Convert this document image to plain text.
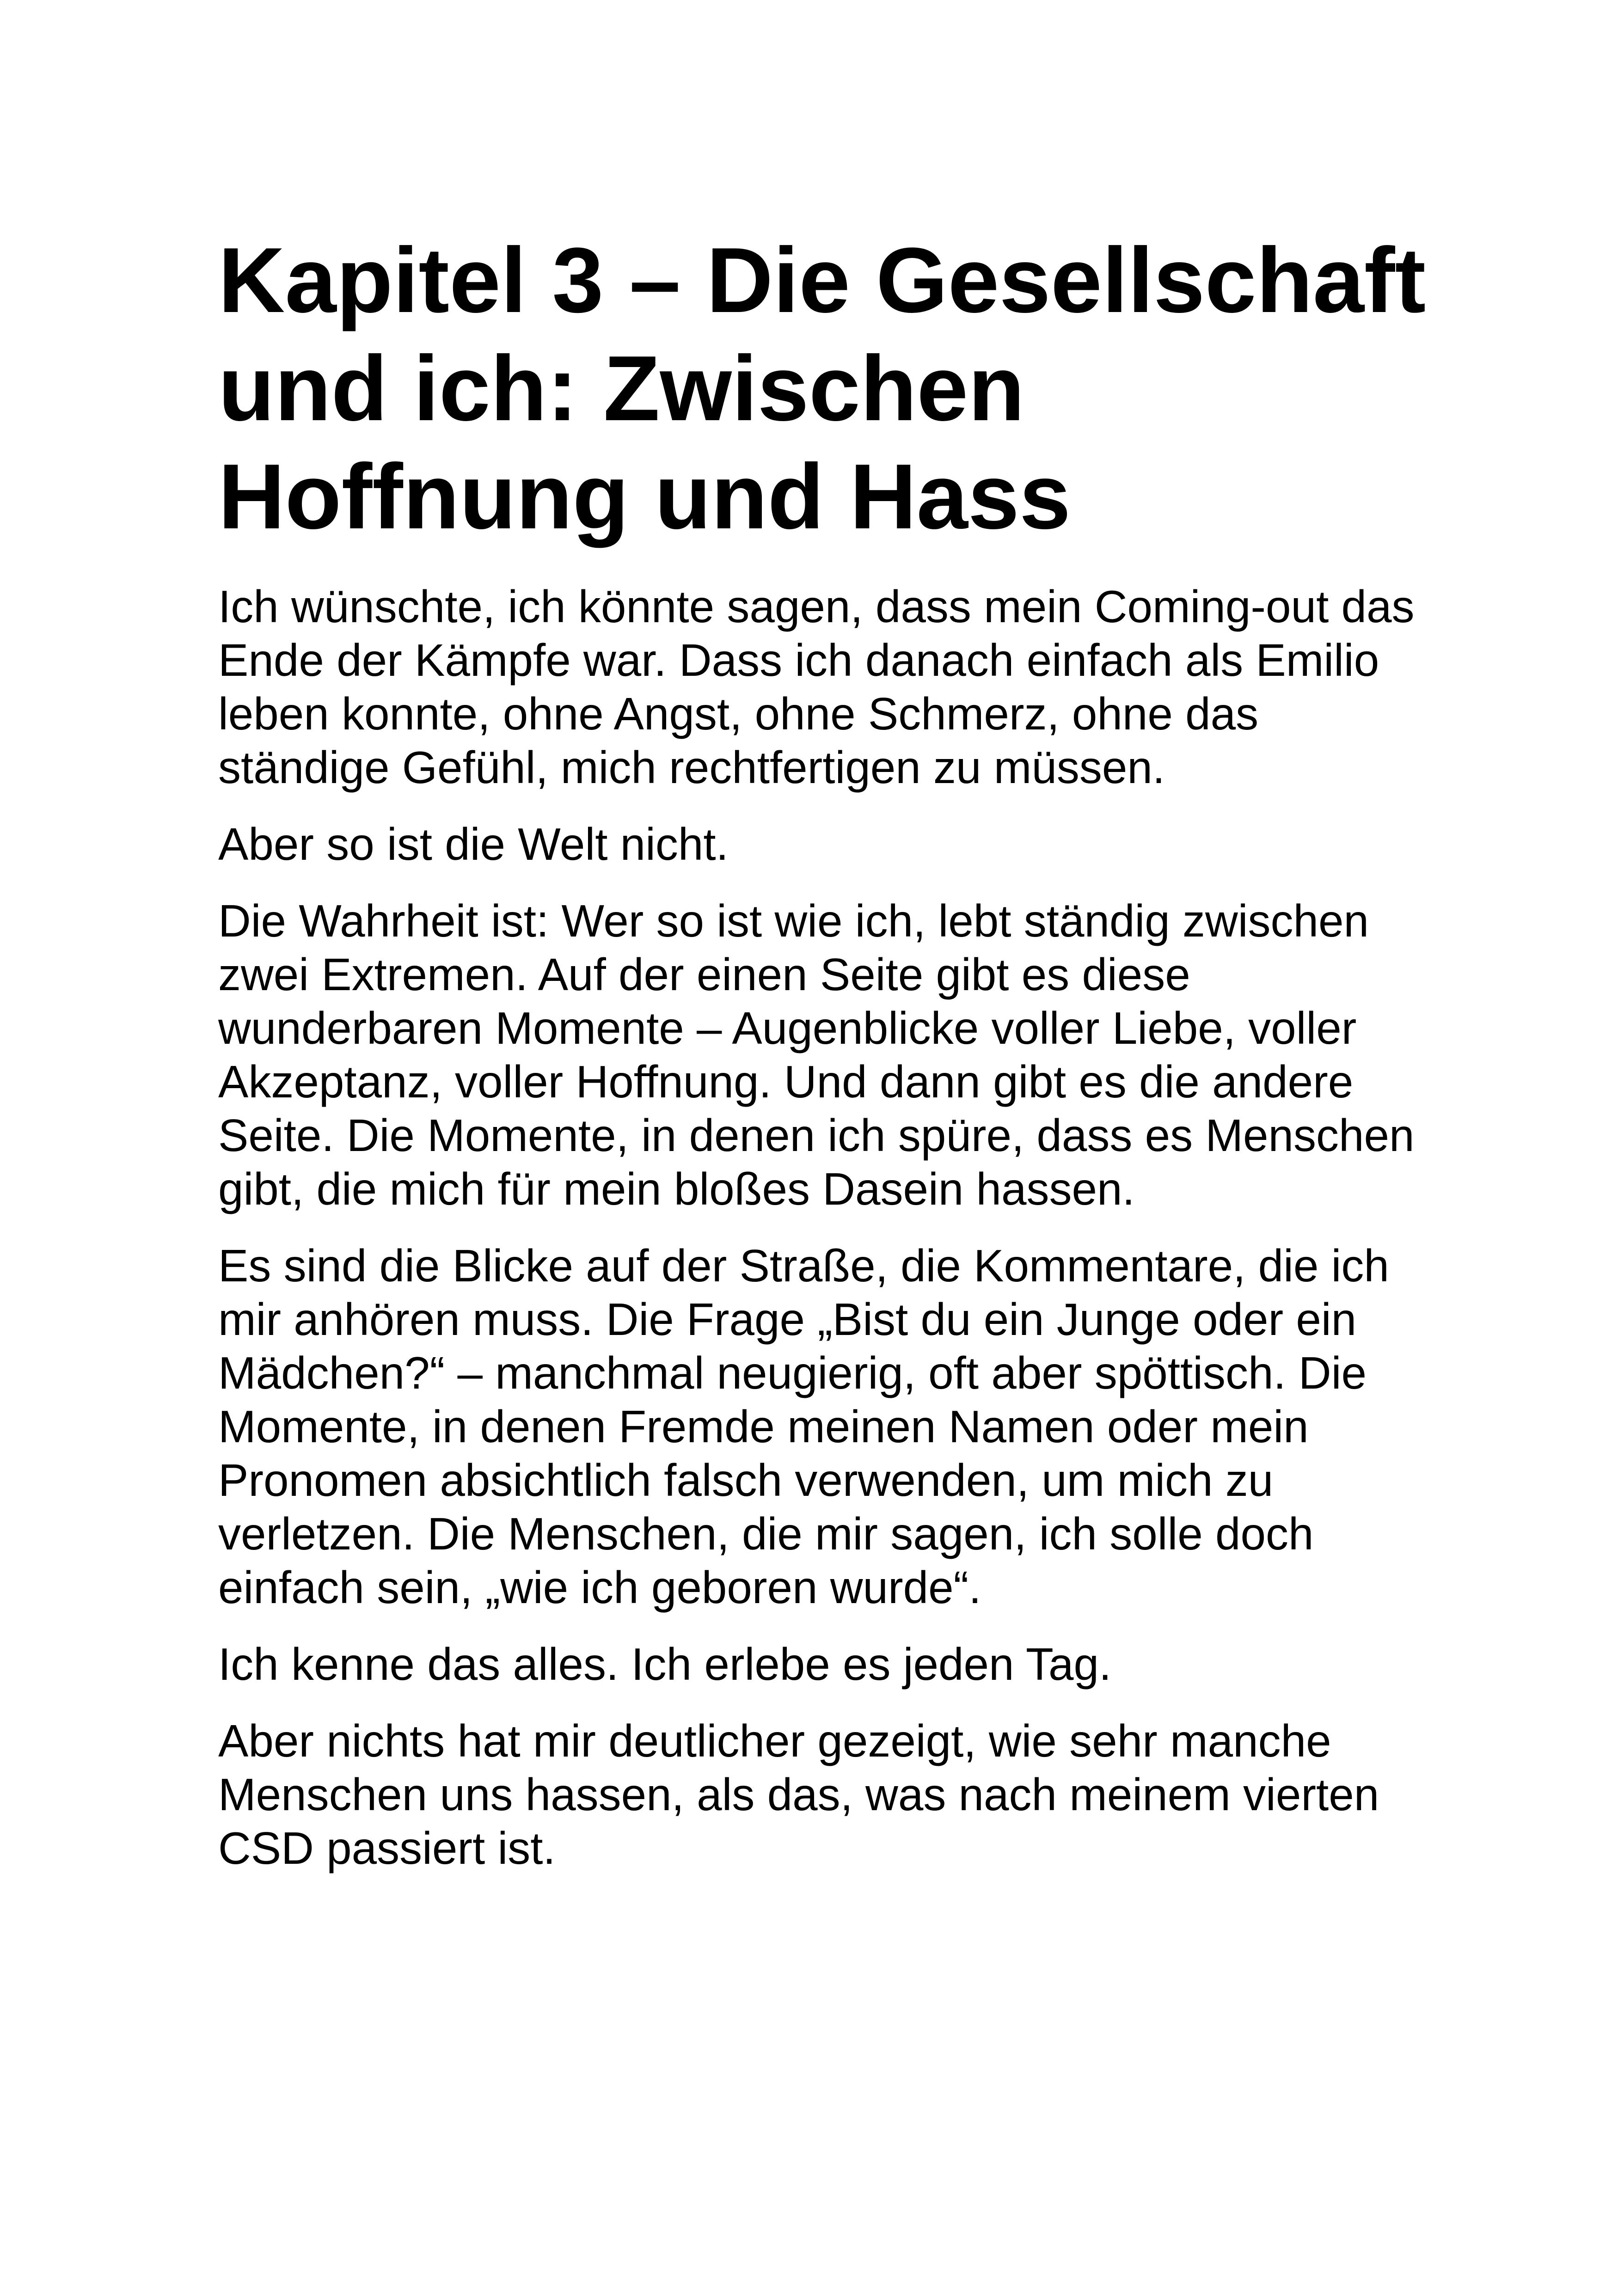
Kapitel 3 – Die Gesellschaft und ich: Zwischen Hoffnung und Hass

Ich wünschte, ich könnte sagen, dass mein Coming-out das Ende der Kämpfe war. Dass ich danach einfach als Emilio leben konnte, ohne Angst, ohne Schmerz, ohne das ständige Gefühl, mich rechtfertigen zu müssen.

Aber so ist die Welt nicht.

Die Wahrheit ist: Wer so ist wie ich, lebt ständig zwischen zwei Extremen. Auf der einen Seite gibt es diese wunderbaren Momente – Augenblicke voller Liebe, voller Akzeptanz, voller Hoffnung. Und dann gibt es die andere Seite. Die Momente, in denen ich spüre, dass es Menschen gibt, die mich für mein bloßes Dasein hassen.

Es sind die Blicke auf der Straße, die Kommentare, die ich mir anhören muss. Die Frage „Bist du ein Junge oder ein Mädchen?“ – manchmal neugierig, oft aber spöttisch. Die Momente, in denen Fremde meinen Namen oder mein Pronomen absichtlich falsch verwenden, um mich zu verletzen. Die Menschen, die mir sagen, ich solle doch einfach sein, „wie ich geboren wurde“.

Ich kenne das alles. Ich erlebe es jeden Tag.

Aber nichts hat mir deutlicher gezeigt, wie sehr manche Menschen uns hassen, als das, was nach meinem vierten CSD passiert ist.
